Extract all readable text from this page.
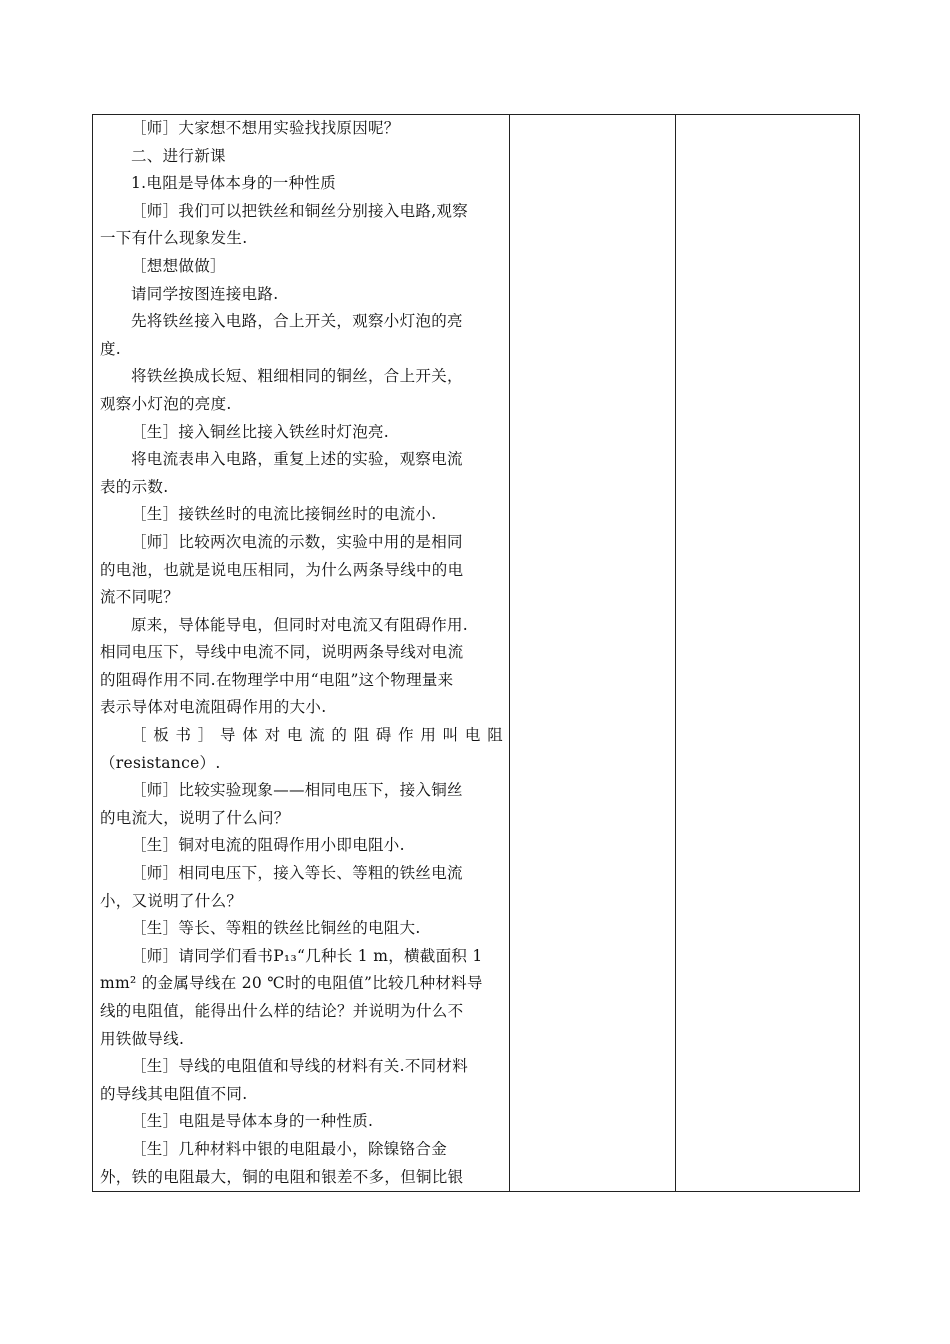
［师］大家想不想用实验找找原因呢？
二、进行新课
1.电阻是导体本身的一种性质
［师］我们可以把铁丝和铜丝分别接入电路,观察
一下有什么现象发生.
［想想做做］
请同学按图连接电路.
先将铁丝接入电路，合上开关，观察小灯泡的亮
度.
将铁丝换成长短、粗细相同的铜丝，合上开关，
观察小灯泡的亮度.
［生］接入铜丝比接入铁丝时灯泡亮.
将电流表串入电路，重复上述的实验，观察电流
表的示数.
［生］接铁丝时的电流比接铜丝时的电流小.
［师］比较两次电流的示数，实验中用的是相同
的电池，也就是说电压相同，为什么两条导线中的电
流不同呢？
原来，导体能导电，但同时对电流又有阻碍作用.
相同电压下，导线中电流不同，说明两条导线对电流
的阻碍作用不同.在物理学中用“电阻”这个物理量来
表示导体对电流阻碍作用的大小.
［板书］导体对电流的阻碍作用叫电阻
（resistance）.
［师］比较实验现象——相同电压下，接入铜丝
的电流大，说明了什么问？
［生］铜对电流的阻碍作用小即电阻小.
［师］相同电压下，接入等长、等粗的铁丝电流
小，又说明了什么？
［生］等长、等粗的铁丝比铜丝的电阻大.
［师］请同学们看书P₁₃“几种长 1 m，横截面积 1
mm² 的金属导线在 20 ℃时的电阻值”比较几种材料导
线的电阻值，能得出什么样的结论？并说明为什么不
用铁做导线.
［生］导线的电阻值和导线的材料有关.不同材料
的导线其电阻值不同.
［生］电阻是导体本身的一种性质.
［生］几种材料中银的电阻最小，除镍铬合金
外，铁的电阻最大，铜的电阻和银差不多，但铜比银
